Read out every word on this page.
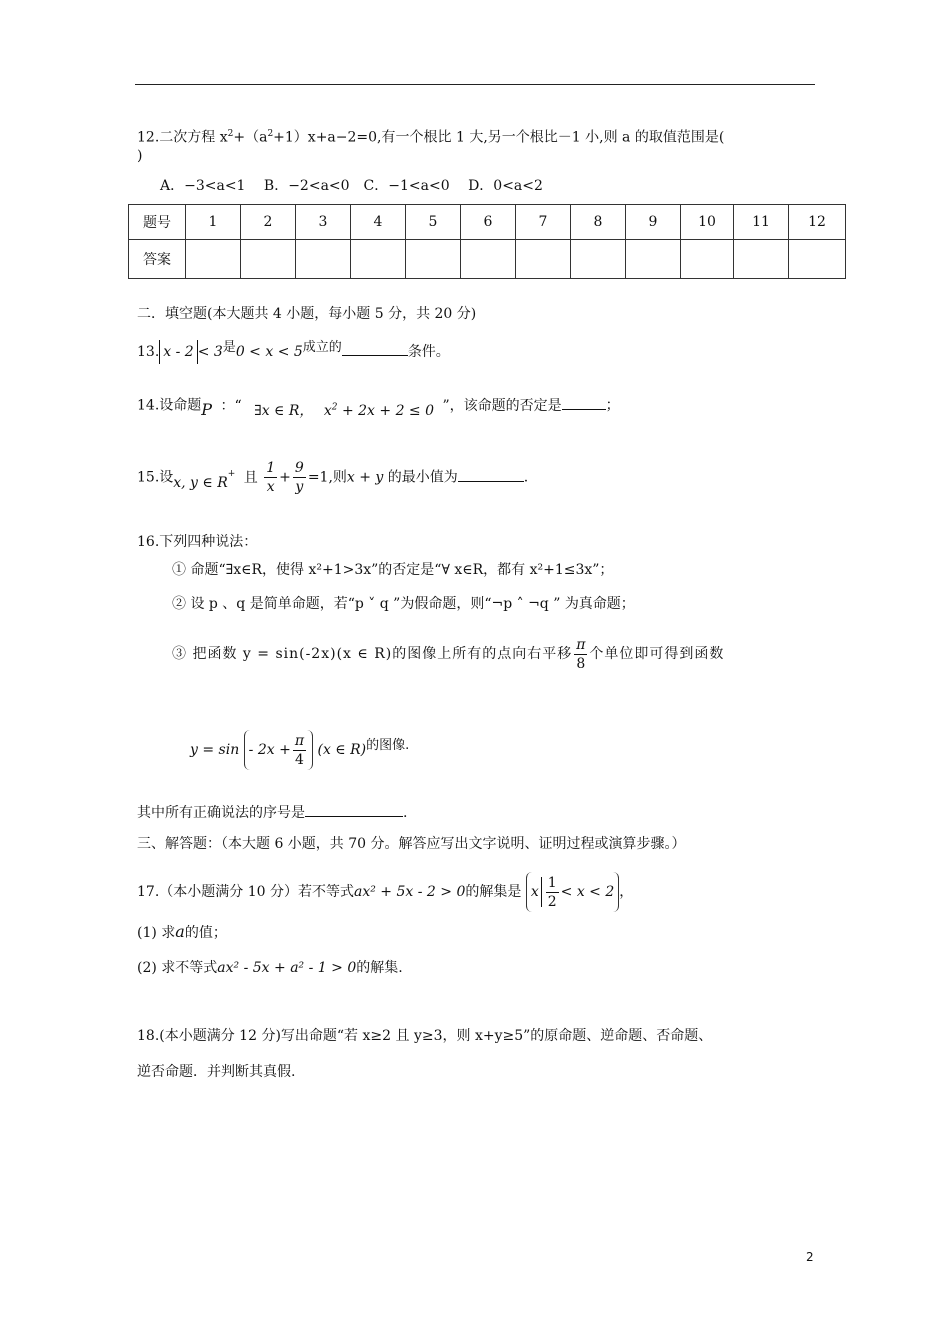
12.二次方程 $x^2+(a^2+1)x+a-2=0$,有一个根比 1 大,另一个根比－1 小,则 a 的取值范围是(
)
A．−3<a<1　 B．−2<a<0　C．−1<a<0　 D．0<a<2
题号	1	2	3	4	5	6	7	8	9	10	11	12
答案												
二．填空题(本大题共 4 小题，每小题 5 分，共 20 分)
13. x - 2 < 3是0 < x < 5成立的	条件。
14.设命题P ：“ ∃x ∈ R， $x^2 + 2x + 2 \le 0$ ”，该命题的否定是	；
15.设x, y ∈ R+ 且 $\frac{1}{x} + \frac{9}{y} =1$,则x + y 的最小值为	.
16.下列四种说法：
① 命题“∃x∈R，使得 x²+1>3x”的否定是“∀ x∈R，都有 x²+1≤3x”；
② 设 p 、q 是简单命题，若“p ˅ q ”为假命题，则“¬p ˄ ¬q ” 为真命题；
③ 把函数 y = sin(-2x)(x ∈ R)的图像上所有的点向右平移 $\frac{\pi}{8}$ 个单位即可得到函数
$y = \sin - 2x + \frac{\pi}{4} (x$ ∈ R)的图像.
其中所有正确说法的序号是	.
三、解答题：（本大题 6 小题，共 70 分。解答应写出文字说明、证明过程或演算步骤。）
17.（本小题满分 10 分）若不等式ax² + 5x - 2 > 0的解集是 x $\frac{1}{2} < x < 2$ ，
(1) 求a的值；
(2) 求不等式ax² - 5x + a² - 1 > 0的解集.
18.(本小题满分 12 分)写出命题“若 x≥2 且 y≥3，则 x+y≥5”的原命题、逆命题、否命题、
逆否命题．并判断其真假.
2
